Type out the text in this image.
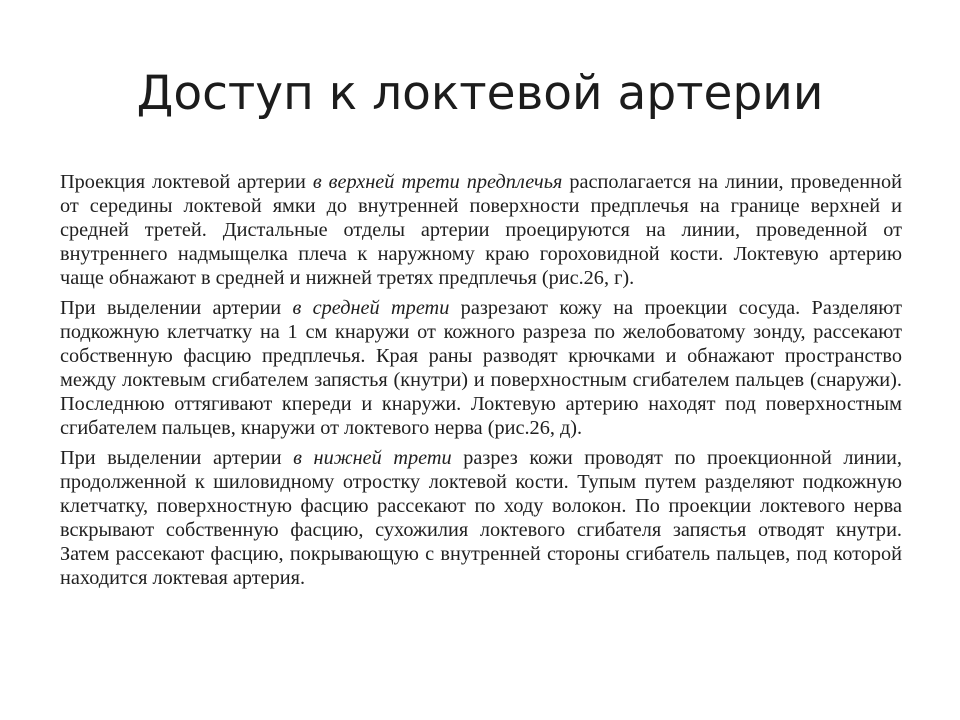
Доступ к локтевой артерии

Проекция локтевой артерии в верхней трети предплечья располагается на линии, проведенной от середины локтевой ямки до внутренней поверхности предплечья на границе верхней и средней третей. Дистальные отделы артерии проецируются на линии, проведенной от внутреннего надмыщелка плеча к наружному краю гороховидной кости. Локтевую артерию чаще обнажают в средней и нижней третях предплечья (рис.26, г).

При выделении артерии в средней трети разрезают кожу на проекции сосуда. Разделяют подкожную клетчатку на 1 см кнаружи от кожного разреза по желобоватому зонду, рассекают собственную фасцию предплечья. Края раны разводят крючками и обнажают пространство между локтевым сгибателем запястья (кнутри) и поверхностным сгибателем пальцев (снаружи). Последнюю оттягивают кпереди и кнаружи. Локтевую артерию находят под поверхностным сгибателем пальцев, кнаружи от локтевого нерва (рис.26, д).

При выделении артерии в нижней трети разрез кожи проводят по проекционной линии, продолженной к шиловидному отростку локтевой кости. Тупым путем разделяют подкожную клетчатку, поверхностную фасцию рассекают по ходу волокон. По проекции локтевого нерва вскрывают собственную фасцию, сухожилия локтевого сгибателя запястья отводят кнутри. Затем рассекают фасцию, покрывающую с внутренней стороны сгибатель пальцев, под которой находится локтевая артерия.
